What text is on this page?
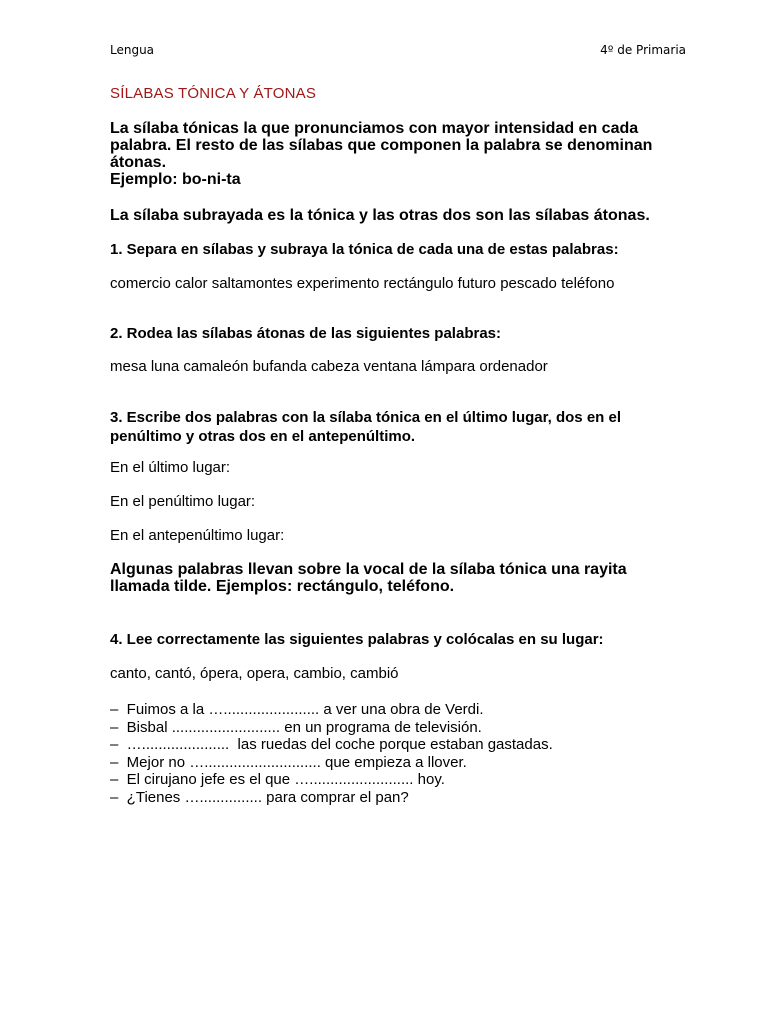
Lengua	4º de Primaria
SÍLABAS TÓNICA Y ÁTONAS

La sílaba tónicas la que pronunciamos con mayor intensidad en cada

palabra. El resto de las sílabas que componen la palabra se denominan

átonas.

Ejemplo: bo-ni-ta

La sílaba subrayada es la tónica y las otras dos son las sílabas átonas.

1. Separa en sílabas y subraya la tónica de cada una de estas palabras:

comercio calor saltamontes experimento rectángulo futuro pescado teléfono

2. Rodea las sílabas átonas de las siguientes palabras:

mesa luna camaleón bufanda cabeza ventana lámpara ordenador

3. Escribe dos palabras con la sílaba tónica en el último lugar, dos en el

penúltimo y otras dos en el antepenúltimo.

En el último lugar:

En el penúltimo lugar:

En el antepenúltimo lugar:

Algunas palabras llevan sobre la vocal de la sílaba tónica una rayita

llamada tilde. Ejemplos: rectángulo, teléfono.

4. Lee correctamente las siguientes palabras y colócalas en su lugar:

canto, cantó, ópera, opera, cambio, cambió

–  Fuimos a la …....................... a ver una obra de Verdi.
–  Bisbal .......................... en un programa de televisión.
–  ….....................  las ruedas del coche porque estaban gastadas.
–  Mejor no …............................ que empieza a llover.
–  El cirujano jefe es el que …......................... hoy.
–  ¿Tienes …............... para comprar el pan?
